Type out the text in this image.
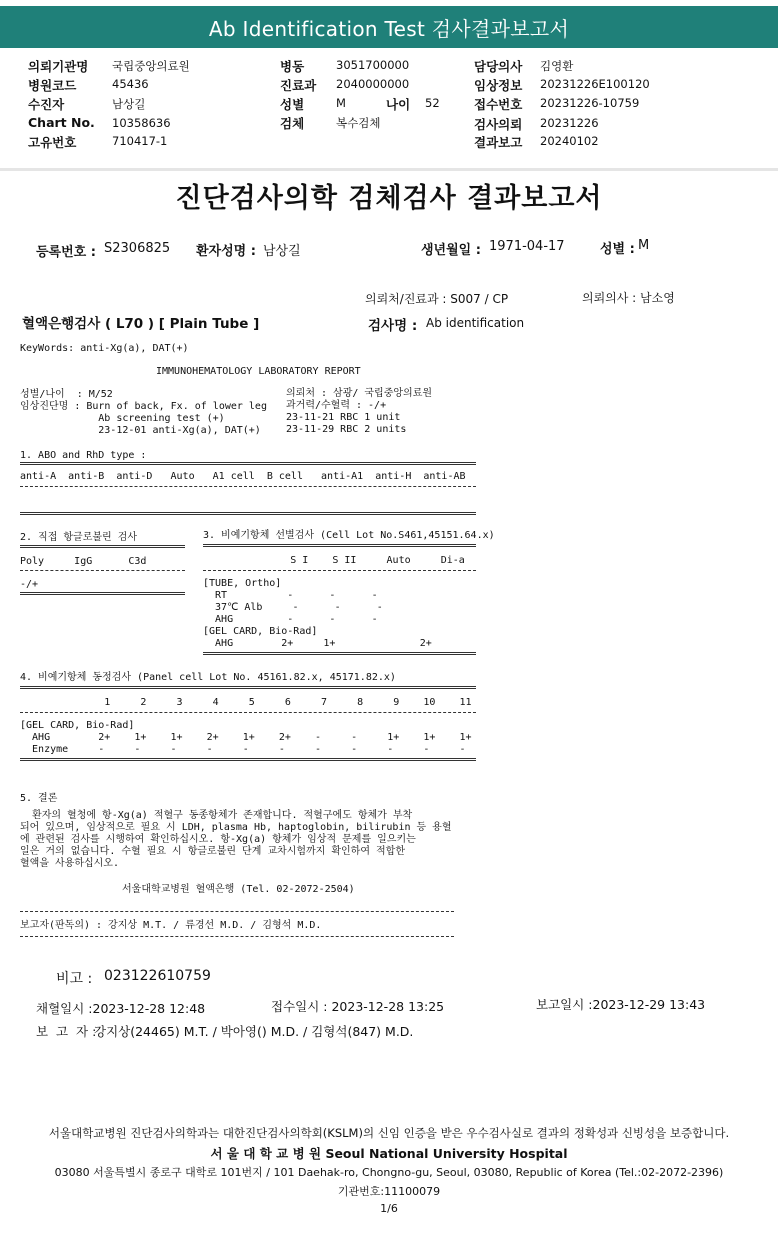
Ab Identification Test 검사결과보고서
의뢰기관명 국립중앙의료원
병원코드	45436
수진자	남상길
Chart No. 10358636
고유번호	710417-1
병동	3051700000
진료과 2040000000
성별	M
검체	복수검체
나이 52
담당의사 김영환
임상정보 20231226E100120
접수번호 20231226-10759
검사의뢰 20231226
결과보고 20240102
진단검사의학 검체검사 결과보고서
등록번호 : S2306825 환자성명 : 남상길	생년월일 : 1971-04-17	성별 : M
의뢰처/진료과 : S007 / CP	의뢰의사 : 남소영
혈액은행검사 ( L70 ) [ Plain Tube ]	검사명 : Ab identification
KeyWords: anti-Xg(a), DAT(+)
IMMUNOHEMATOLOGY LABORATORY REPORT
성별/나이  : M/52
임상진단명 : Burn of back, Fx. of lower leg
Ab screening test (+)
23-12-01 anti-Xg(a), DAT(+)
의뢰처 : 삼광/ 국립중앙의료원
과거력/수혈력 : -/+
23-11-21 RBC 1 unit
23-11-29 RBC 2 units
1. ABO and RhD type :
anti-A  anti-B  anti-D   Auto   A1 cell  B cell   anti-A1  anti-H  anti-AB
2. 직접 항글로불린 검사
Poly     IgG      C3d
-/+
3. 비예기항체 선별검사 (Cell Lot No.S461,45151.64.x)
S I    S II     Auto     Di-a
[TUBE, Ortho]
RT          -      -      -
37℃ Alb     -      -      -
AHG         -      -      -
[GEL CARD, Bio-Rad]
AHG        2+     1+              2+
4. 비예기항체 동정검사 (Panel cell Lot No. 45161.82.x, 45171.82.x)
1     2     3     4     5     6     7     8     9    10    11
[GEL CARD, Bio-Rad]
AHG        2+    1+    1+    2+    1+    2+    -     -     1+    1+    1+
Enzyme     -     -     -     -     -     -     -     -     -     -     -
5. 결론
환자의 혈청에 항-Xg(a) 적혈구 동종항체가 존재합니다. 적혈구에도 항체가 부착
되어 있으며, 임상적으로 필요 시 LDH, plasma Hb, haptoglobin, bilirubin 등 용혈
에 관련된 검사를 시행하여 확인하십시오. 항-Xg(a) 항체가 임상적 문제를 일으키는
일은 거의 없습니다. 수혈 필요 시 항글로불린 단계 교차시험까지 확인하여 적합한
혈액을 사용하십시오.
서울대학교병원 혈액은행 (Tel. 02-2072-2504)
보고자(판독의) : 강지상 M.T. / 류경선 M.D. / 김형석 M.D.
비고 : 023122610759
채혈일시 :2023-12-28 12:48	접수일시 : 2023-12-28 13:25	보고일시 :2023-12-29 13:43
보  고  자 :
강지상(24465) M.T. / 박아영() M.D. / 김형석(847) M.D.
서울대학교병원 진단검사의학과는 대한진단검사의학회(KSLM)의 신임 인증을 받은 우수검사실로 결과의 정확성과 신빙성을 보증합니다.
서 울 대 학 교 병 원 Seoul National University Hospital
03080 서울특별시 종로구 대학로 101번지 / 101 Daehak-ro, Chongno-gu, Seoul, 03080, Republic of Korea (Tel.:02-2072-2396)
기관번호:11100079
1/6
